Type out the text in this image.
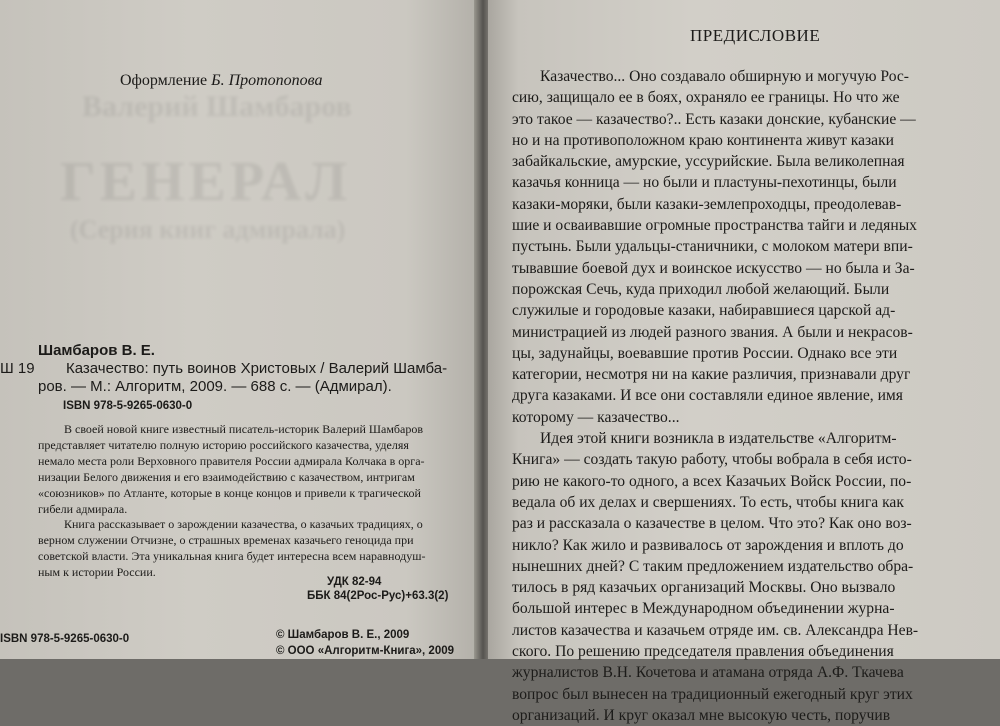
Валерий Шамбаров
ГЕНЕРАЛ
(Серия книг адмирала)
Оформление Б. Протопопова
Шамбаров В. Е.
Ш 19	Казачество: путь воинов Христовых / Валерий Шамба-
ров. — М.: Алгоритм, 2009. — 688 с. — (Адмирал).
ISBN 978-5-9265-0630-0
В своей новой книге известный писатель-историк Валерий Шамбаров
представляет читателю полную историю российского казачества, уделяя
немало места роли Верховного правителя России адмирала Колчака в орга-
низации Белого движения и его взаимодействию с казачеством, интригам
«союзников» по Атланте, которые в конце концов и привели к трагической
гибели адмирала.
Книга рассказывает о зарождении казачества, о казачьих традициях, о
верном служении Отчизне, о страшных временах казачьего геноцида при
советской власти. Эта уникальная книга будет интересна всем наравнодуш-
ным к истории России.
УДК 82-94
ББК 84(2Рос-Рус)+63.3(2)
ISBN 978-5-9265-0630-0	© Шамбаров В. Е., 2009
© ООО «Алгоритм-Книга», 2009
ПРЕДИСЛОВИЕ
Казачество... Оно создавало обширную и могучую Рос-
сию, защищало ее в боях, охраняло ее границы. Но что же
это такое — казачество?.. Есть казаки донские, кубанские —
но и на противоположном краю континента живут казаки
забайкальские, амурские, уссурийские. Была великолепная
казачья конница — но были и пластуны-пехотинцы, были
казаки-моряки, были казаки-землепроходцы, преодолевав-
шие и осваивавшие огромные пространства тайги и ледяных
пустынь. Были удальцы-станичники, с молоком матери впи-
тывавшие боевой дух и воинское искусство — но была и За-
порожская Сечь, куда приходил любой желающий. Были
служилые и городовые казаки, набиравшиеся царской ад-
министрацией из людей разного звания. А были и некрасов-
цы, задунайцы, воевавшие против России. Однако все эти
категории, несмотря ни на какие различия, признавали друг
друга казаками. И все они составляли единое явление, имя
которому — казачество...
Идея этой книги возникла в издательстве «Алгоритм-
Книга» — создать такую работу, чтобы вобрала в себя исто-
рию не какого-то одного, а всех Казачьих Войск России, по-
ведала об их делах и свершениях. То есть, чтобы книга как
раз и рассказала о казачестве в целом. Что это? Как оно воз-
никло? Как жило и развивалось от зарождения и вплоть до
нынешних дней? С таким предложением издательство обра-
тилось в ряд казачьих организаций Москвы. Оно вызвало
большой интерес в Международном объединении журна-
листов казачества и казачьем отряде им. св. Александра Нев-
ского. По решению председателя правления объединения
журналистов В.Н. Кочетова и атамана отряда А.Ф. Ткачева
вопрос был вынесен на традиционный ежегодный круг этих
организаций. И круг оказал мне высокую честь, поручив
